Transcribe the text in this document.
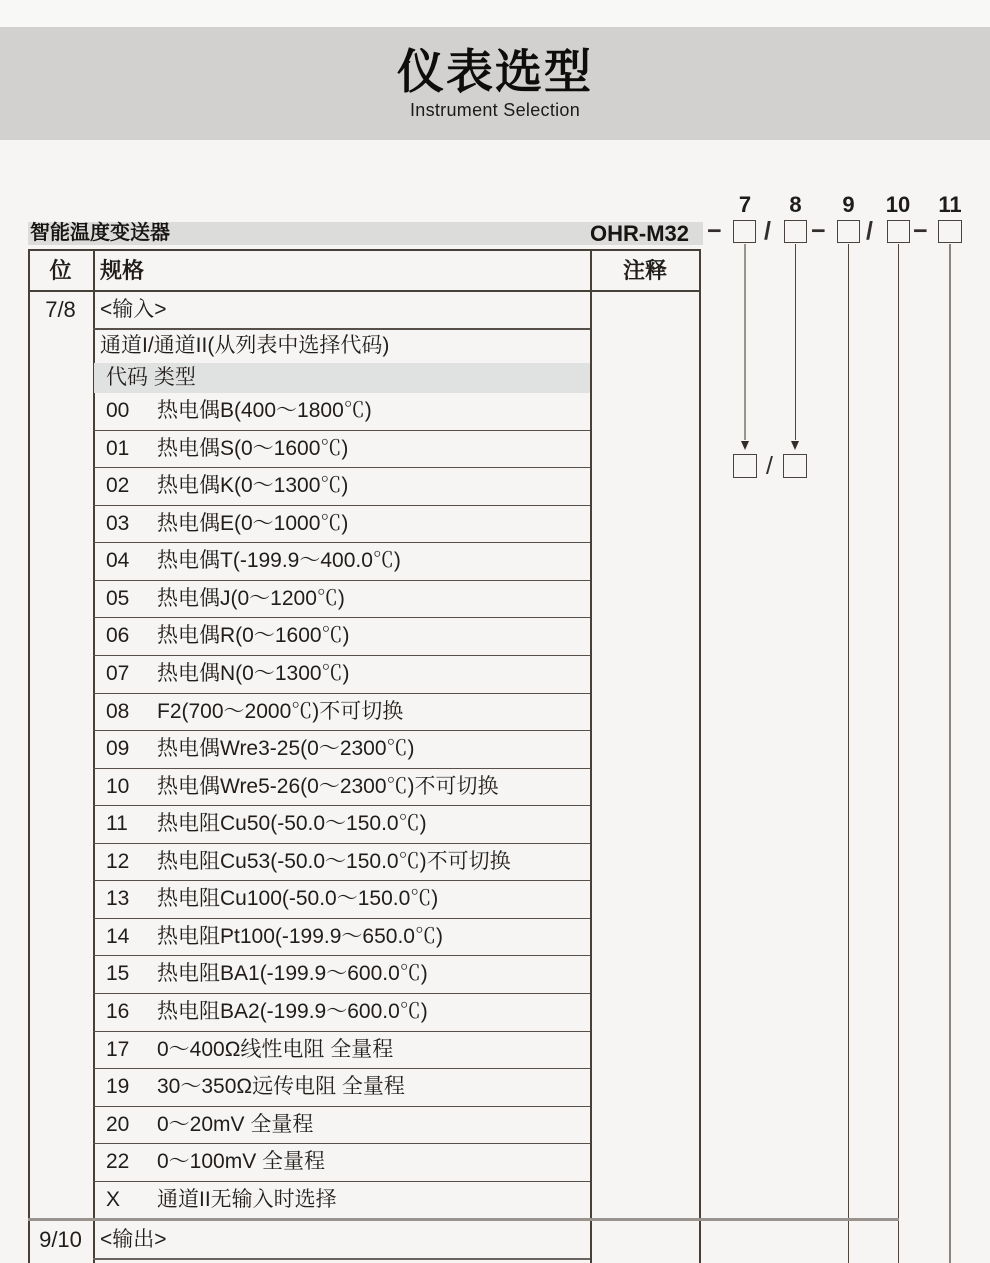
仪表选型
Instrument Selection
智能温度变送器	OHR-M32
7 8 9 10 11
− / − / −
/
位	规格	注释
7/8	<输入>
通道I/通道II(从列表中选择代码)
代码 类型
00 热电偶B(400～1800℃)
01 热电偶S(0～1600℃)
02 热电偶K(0～1300℃)
03 热电偶E(0～1000℃)
04 热电偶T(-199.9～400.0℃)
05 热电偶J(0～1200℃)
06 热电偶R(0～1600℃)
07 热电偶N(0～1300℃)
08 F2(700～2000℃)不可切换
09 热电偶Wre3-25(0～2300℃)
10 热电偶Wre5-26(0～2300℃)不可切换
11 热电阻Cu50(-50.0～150.0℃)
12 热电阻Cu53(-50.0～150.0℃)不可切换
13 热电阻Cu100(-50.0～150.0℃)
14 热电阻Pt100(-199.9～650.0℃)
15 热电阻BA1(-199.9～600.0℃)
16 热电阻BA2(-199.9～600.0℃)
17 0～400Ω线性电阻 全量程
19 30～350Ω远传电阻 全量程
20 0～20mV 全量程
22 0～100mV 全量程
X 通道II无输入时选择
9/10 <输出>
